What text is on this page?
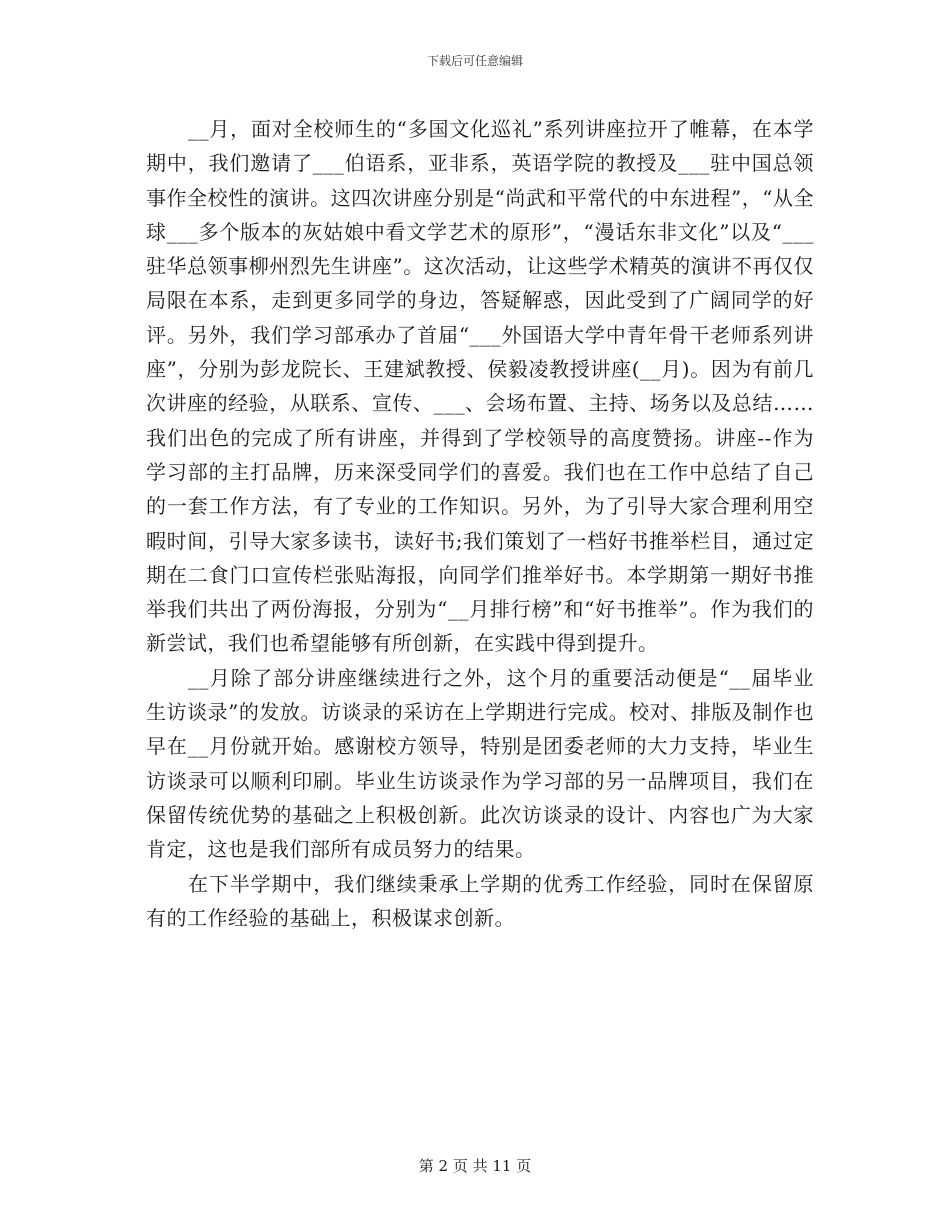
下载后可任意编辑

__月，面对全校师生的“多国文化巡礼”系列讲座拉开了帷幕，在本学期中，我们邀请了___伯语系，亚非系，英语学院的教授及___驻中国总领事作全校性的演讲。这四次讲座分别是“尚武和平常代的中东进程”，“从全球___多个版本的灰姑娘中看文学艺术的原形”，“漫话东非文化”以及“___驻华总领事柳州烈先生讲座”。这次活动，让这些学术精英的演讲不再仅仅局限在本系，走到更多同学的身边，答疑解惑，因此受到了广阔同学的好评。另外，我们学习部承办了首届“___外国语大学中青年骨干老师系列讲座”，分别为彭龙院长、王建斌教授、侯毅凌教授讲座(__月)。因为有前几次讲座的经验，从联系、宣传、___、会场布置、主持、场务以及总结……我们出色的完成了所有讲座，并得到了学校领导的高度赞扬。讲座--作为学习部的主打品牌，历来深受同学们的喜爱。我们也在工作中总结了自己的一套工作方法，有了专业的工作知识。另外，为了引导大家合理利用空暇时间，引导大家多读书，读好书;我们策划了一档好书推举栏目，通过定期在二食门口宣传栏张贴海报，向同学们推举好书。本学期第一期好书推举我们共出了两份海报，分别为“__月排行榜”和“好书推举”。作为我们的新尝试，我们也希望能够有所创新，在实践中得到提升。

__月除了部分讲座继续进行之外，这个月的重要活动便是“__届毕业生访谈录”的发放。访谈录的采访在上学期进行完成。校对、排版及制作也早在__月份就开始。感谢校方领导，特别是团委老师的大力支持，毕业生访谈录可以顺利印刷。毕业生访谈录作为学习部的另一品牌项目，我们在保留传统优势的基础之上积极创新。此次访谈录的设计、内容也广为大家肯定，这也是我们部所有成员努力的结果。

在下半学期中，我们继续秉承上学期的优秀工作经验，同时在保留原有的工作经验的基础上，积极谋求创新。

第 2 页 共 11 页
